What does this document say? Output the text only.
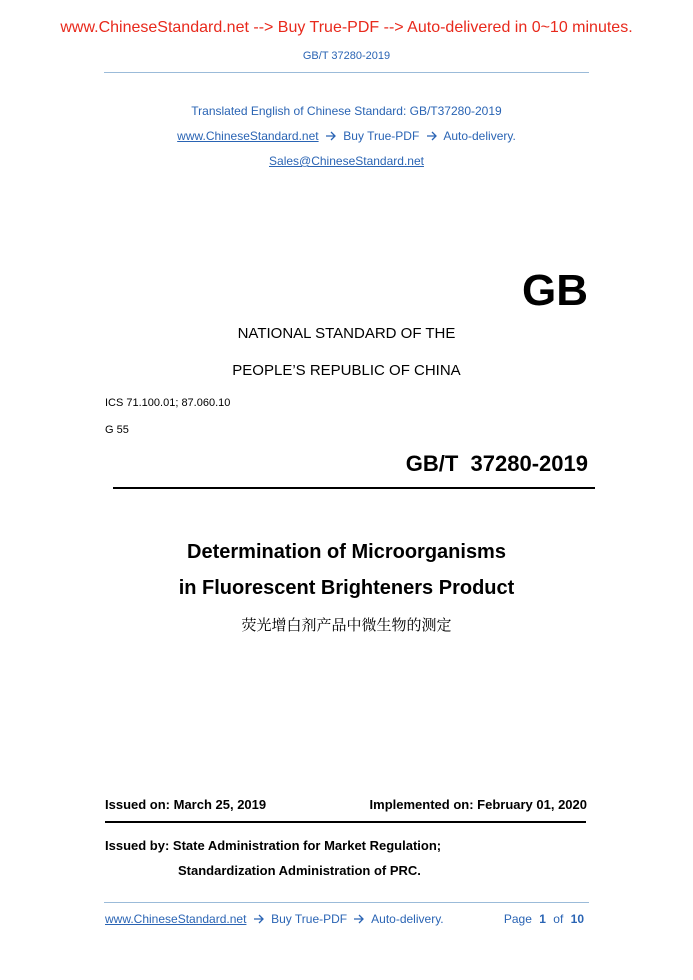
www.ChineseStandard.net --> Buy True-PDF --> Auto-delivered in 0~10 minutes.
GB/T 37280-2019
Translated English of Chinese Standard: GB/T37280-2019
www.ChineseStandard.net Buy True-PDF Auto-delivery.
Sales@ChineseStandard.net
GB
NATIONAL STANDARD OF THE
PEOPLE’S REPUBLIC OF CHINA
ICS 71.100.01; 87.060.10
G 55
GB/T  37280-2019
Determination of Microorganisms
in Fluorescent Brighteners Product
荧光增白剂产品中微生物的测定
Issued on: March 25, 2019	Implemented on: February 01, 2020
Issued by: State Administration for Market Regulation;
Standardization Administration of PRC.
www.ChineseStandard.net Buy True-PDF Auto-delivery.	Page 1 of 10
